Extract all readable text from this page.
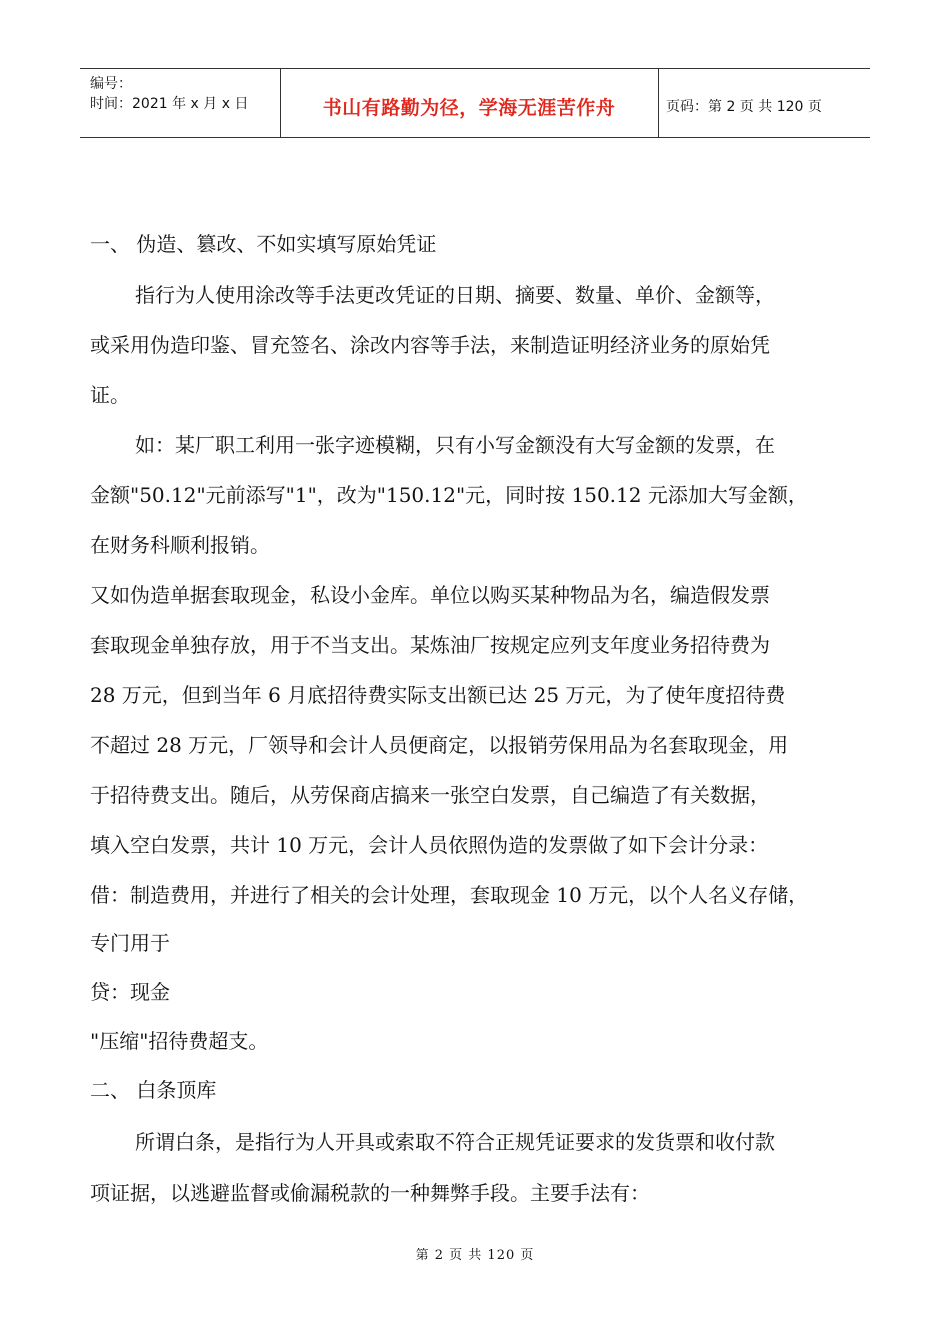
编号：
时间：2021 年 x 月 x 日	书山有路勤为径，学海无涯苦作舟	页码：第 2 页 共 120 页
一、 伪造、篡改、不如实填写原始凭证
指行为人使用涂改等手法更改凭证的日期、摘要、数量、单价、金额等，
或采用伪造印鉴、冒充签名、涂改内容等手法，来制造证明经济业务的原始凭
证。
如：某厂职工利用一张字迹模糊，只有小写金额没有大写金额的发票，在
金额"50.12"元前添写"1"，改为"150.12"元，同时按 150.12 元添加大写金额，
在财务科顺利报销。
又如伪造单据套取现金，私设小金库。单位以购买某种物品为名，编造假发票
套取现金单独存放，用于不当支出。某炼油厂按规定应列支年度业务招待费为
28 万元，但到当年 6 月底招待费实际支出额已达 25 万元，为了使年度招待费
不超过 28 万元，厂领导和会计人员便商定，以报销劳保用品为名套取现金，用
于招待费支出。随后，从劳保商店搞来一张空白发票，自己编造了有关数据，
填入空白发票，共计 10 万元，会计人员依照伪造的发票做了如下会计分录：
借：制造费用，并进行了相关的会计处理，套取现金 10 万元，以个人名义存储，
专门用于
贷：现金
"压缩"招待费超支。
二、 白条顶库
所谓白条，是指行为人开具或索取不符合正规凭证要求的发货票和收付款
项证据，以逃避监督或偷漏税款的一种舞弊手段。主要手法有：
第 2 页 共 120 页
